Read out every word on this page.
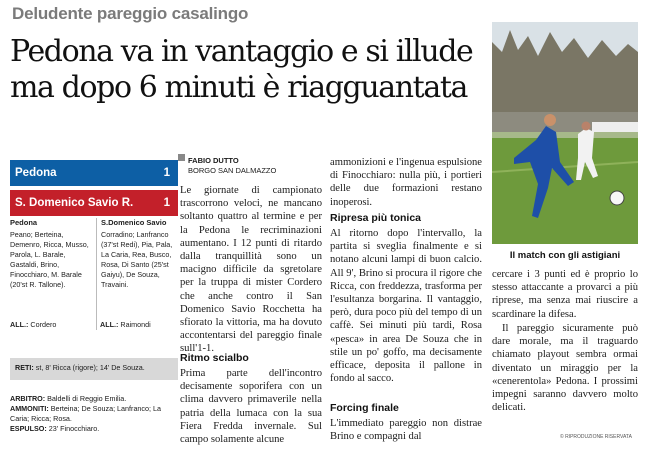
Deludente pareggio casalingo
Pedona va in vantaggio e si illude
ma dopo 6 minuti è riagguantata
Il match con gli astigiani
Pedona	1
S. Domenico Savio R.	1
Pedona
Peano; Berteina, Demenro, Ricca, Musso, Parola, L. Barale, Gastaldi, Brino, Finocchiaro, M. Barale (20'st R. Tallone).
S.Domenico Savio
Corradino; Lanfranco (37'st Redi), Pia, Pala, La Caria, Rea, Busco, Rosa, Di Santo (25'st Gaiyu), De Souza, Travaini.
ALL.: Cordero	ALL.: Raimondi
RETI: st, 8' Ricca (rigore); 14' De Souza.
ARBITRO: Baldelli di Reggio Emilia.
AMMONITI: Berteina; De Souza; Lanfranco; La Caria; Ricca; Rosa.
ESPULSO: 23' Finocchiaro.
FABIO DUTTO
BORGO SAN DALMAZZO
Le giornate di campionato trascorrono veloci, ne mancano soltanto quattro al termine e per la Pedona le recriminazioni aumentano. I 12 punti di ritardo dalla tranquillità sono un macigno difficile da sgretolare per la truppa di mister Cordero che anche contro il San Domenico Savio Rocchetta ha sfiorato la vittoria, ma ha dovuto accontentarsi del pareggio finale sull'1-1.
Ritmo scialbo
Prima parte dell'incontro decisamente soporifera con un clima davvero primaverile nella patria della lumaca con la sua Fiera Fredda invernale. Sul campo solamente alcune
ammonizioni e l'ingenua espulsione di Finocchiaro: nulla più, i portieri delle due formazioni restano inoperosi.
Ripresa più tonica
Al ritorno dopo l'intervallo, la partita si sveglia finalmente e si notano alcuni lampi di buon calcio. All 9', Brino si procura il rigore che Ricca, con freddezza, trasforma per l'esultanza borgarina. Il vantaggio, però, dura poco più del tempo di un caffè. Sei minuti più tardi, Rosa «pesca» in area De Souza che in stile un po' goffo, ma decisamente efficace, deposita il pallone in fondo al sacco.
Forcing finale
L'immediato pareggio non distrae Brino e compagni dal
cercare i 3 punti ed è proprio lo stesso attaccante a provarci a più riprese, ma senza mai riuscire a scardinare la difesa.
Il pareggio sicuramente può dare morale, ma il traguardo chiamato playout sembra ormai diventato un miraggio per la «cenerentola» Pedona. I prossimi impegni saranno davvero molto delicati.
© RIPRODUZIONE RISERVATA
